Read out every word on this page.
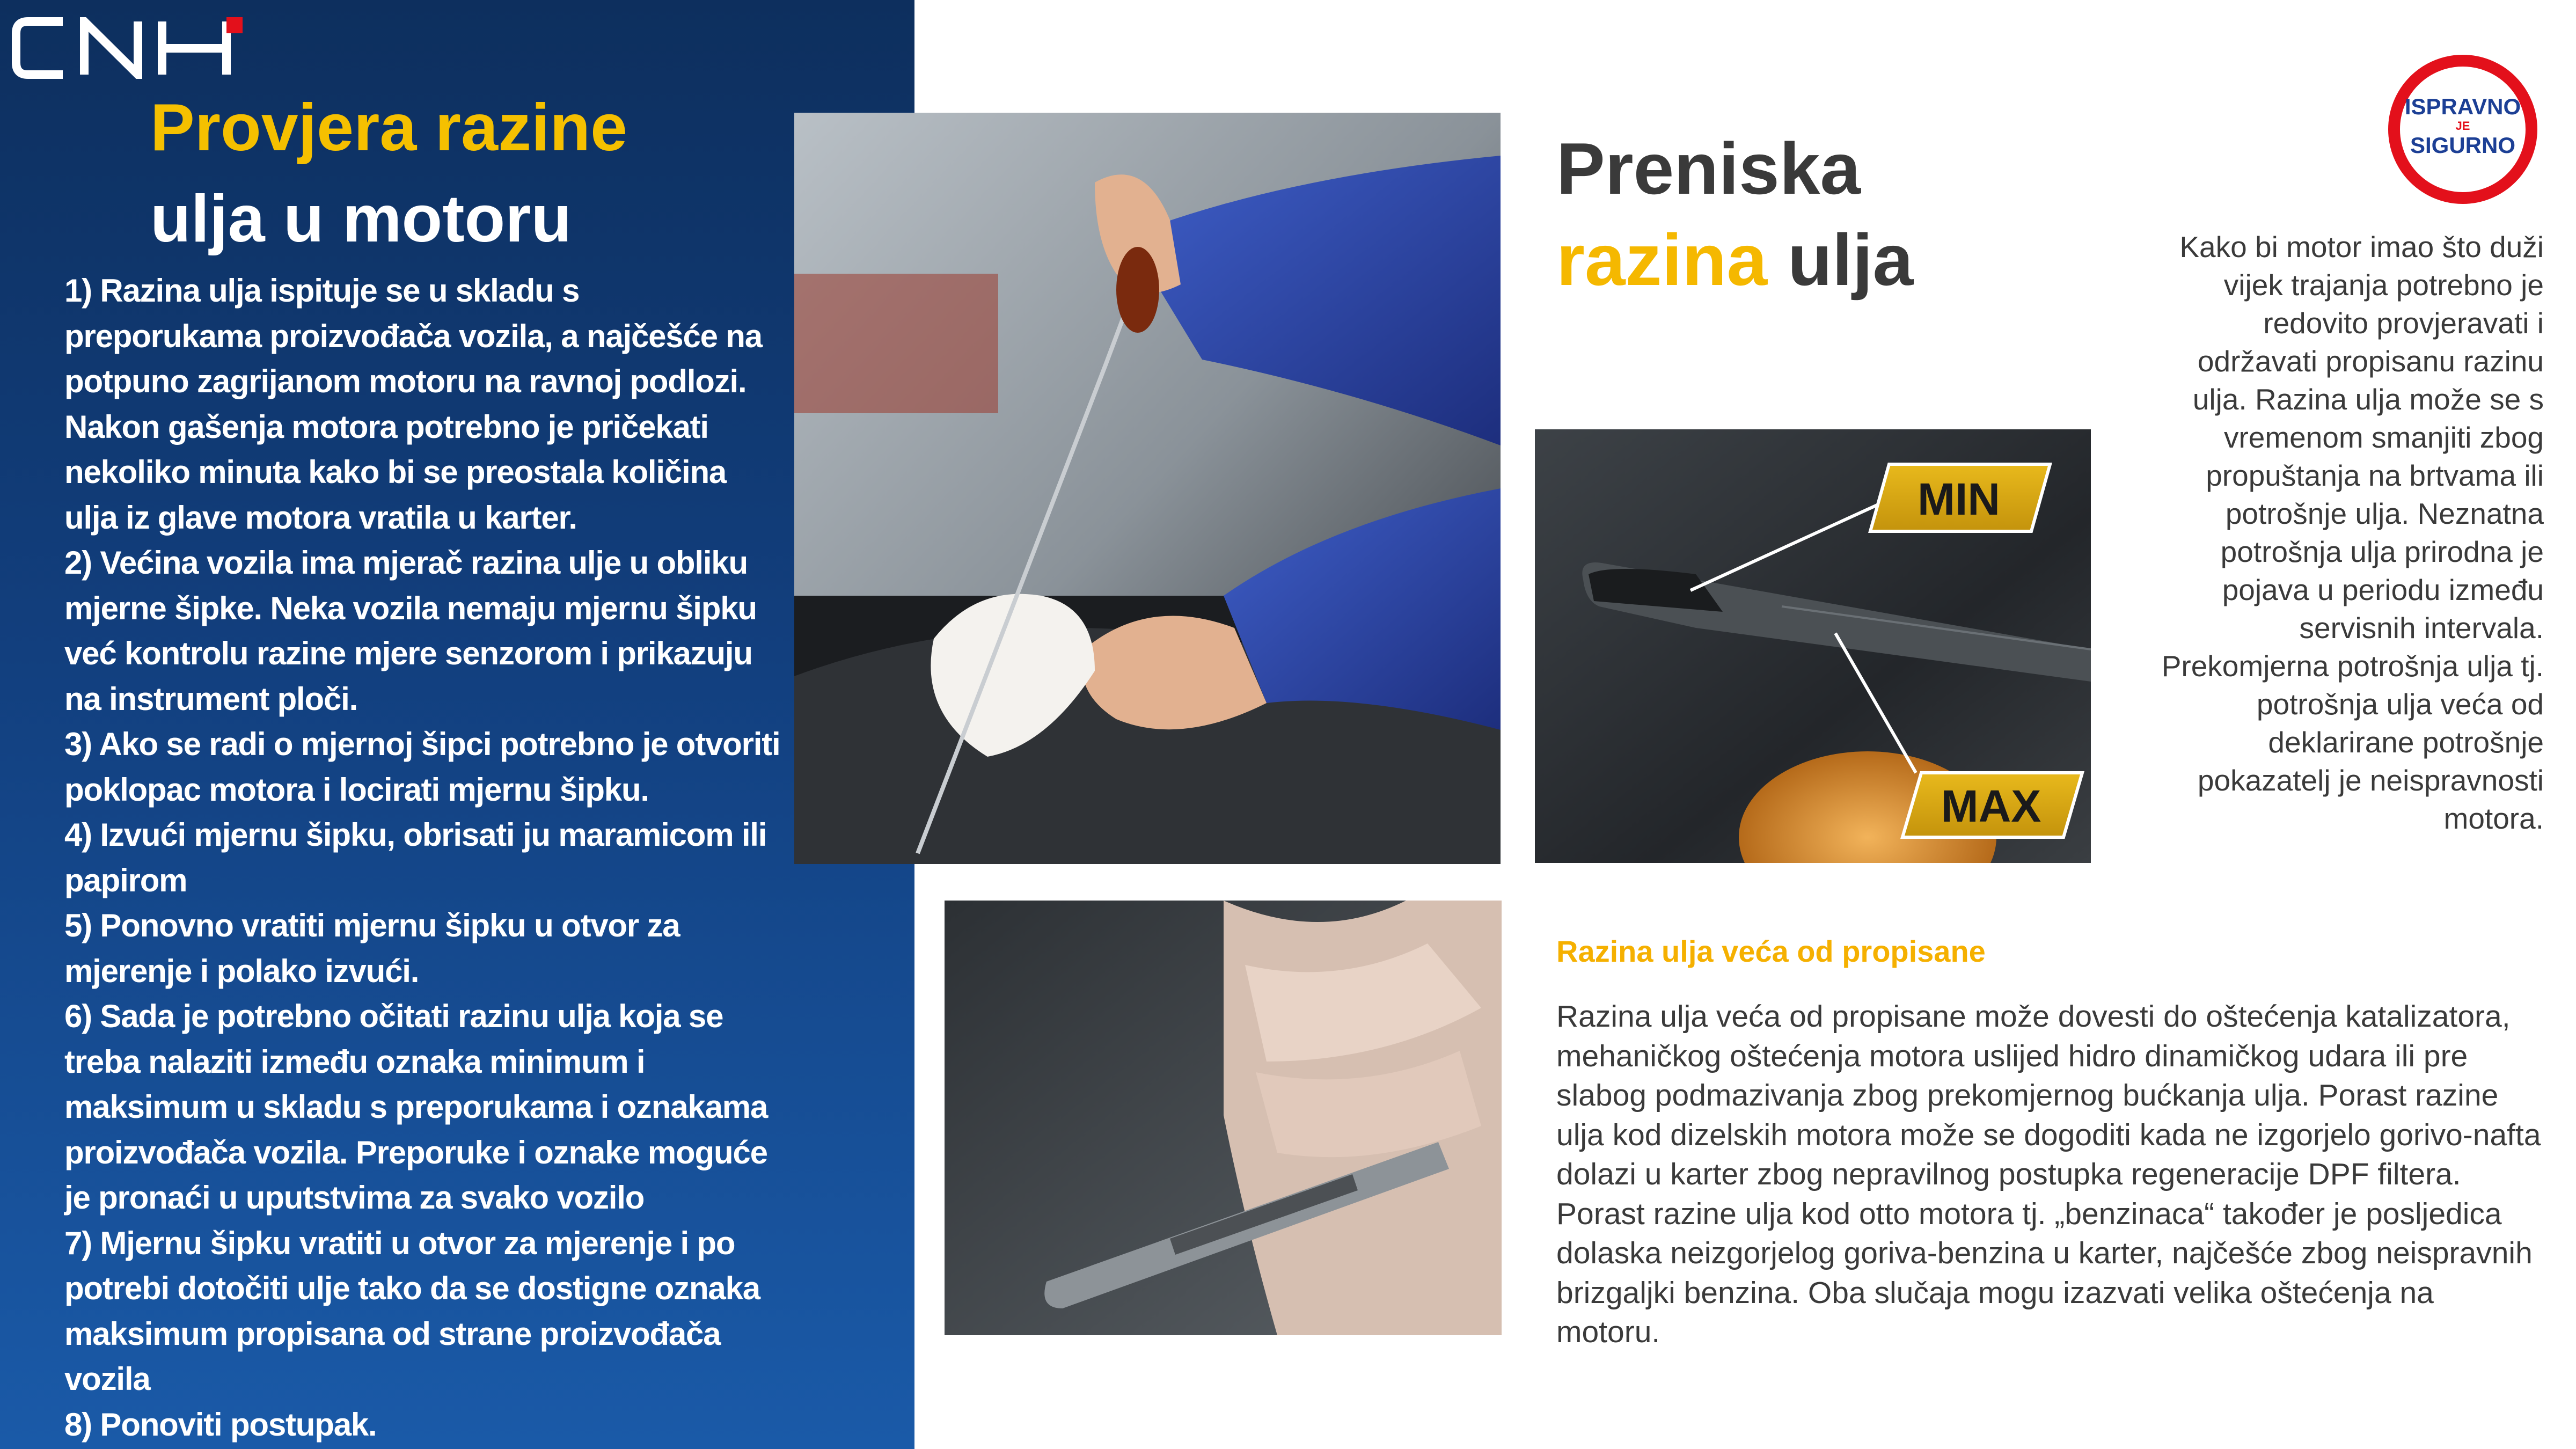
Provjera razine
ulja u motoru

1) Razina ulja ispituje se u skladu s preporukama proizvođača vozila, a najčešće na potpuno zagrijanom motoru na ravnoj podlozi. Nakon gašenja motora potrebno je pričekati nekoliko minuta kako bi se preostala količina ulja iz glave motora vratila u karter.

2) Većina vozila ima mjerač razina ulje u obliku mjerne šipke. Neka vozila nemaju mjernu šipku već kontrolu razine mjere senzorom i prikazuju na instrument ploči.

3) Ako se radi o mjernoj šipci potrebno je otvoriti poklopac motora i locirati mjernu šipku.

4) Izvući mjernu šipku, obrisati ju maramicom ili papirom

5) Ponovno vratiti mjernu šipku u otvor za mjerenje i polako izvući.

6) Sada je potrebno očitati razinu ulja koja se treba nalaziti između oznaka minimum i maksimum u skladu s preporukama i oznakama proizvođača vozila. Preporuke i oznake moguće je pronaći u uputstvima za svako vozilo

7) Mjernu šipku vratiti u otvor za mjerenje i po potrebi dotočiti ulje tako da se dostigne oznaka maksimum propisana od strane proizvođača vozila

8) Ponoviti postupak.

MIN
MAX
Preniska
razina ulja
ISPRAVNO
JE
SIGURNO
Kako bi motor imao što duži vijek trajanja potrebno je redovito provjeravati i održavati propisanu razinu ulja. Razina ulja može se s vremenom smanjiti zbog propuštanja na brtvama ili potrošnje ulja. Neznatna potrošnja ulja prirodna je pojava u periodu između servisnih intervala. Prekomjerna potrošnja ulja tj. potrošnja ulja veća od deklarirane potrošnje pokazatelj je neispravnosti motora.
Razina ulja veća od propisane
Razina ulja veća od propisane može dovesti do oštećenja katalizatora, mehaničkog oštećenja motora uslijed hidro dinamičkog udara ili pre slabog podmazivanja zbog prekomjernog bućkanja ulja. Porast razine ulja kod dizelskih motora može se dogoditi kada ne izgorjelo gorivo-nafta dolazi u karter zbog nepravilnog postupka regeneracije DPF filtera. Porast razine ulja kod otto motora tj. „benzinaca“ također je posljedica dolaska neizgorjelog goriva-benzina u karter, najčešće zbog neispravnih brizgaljki benzina. Oba slučaja mogu izazvati velika oštećenja na motoru.
